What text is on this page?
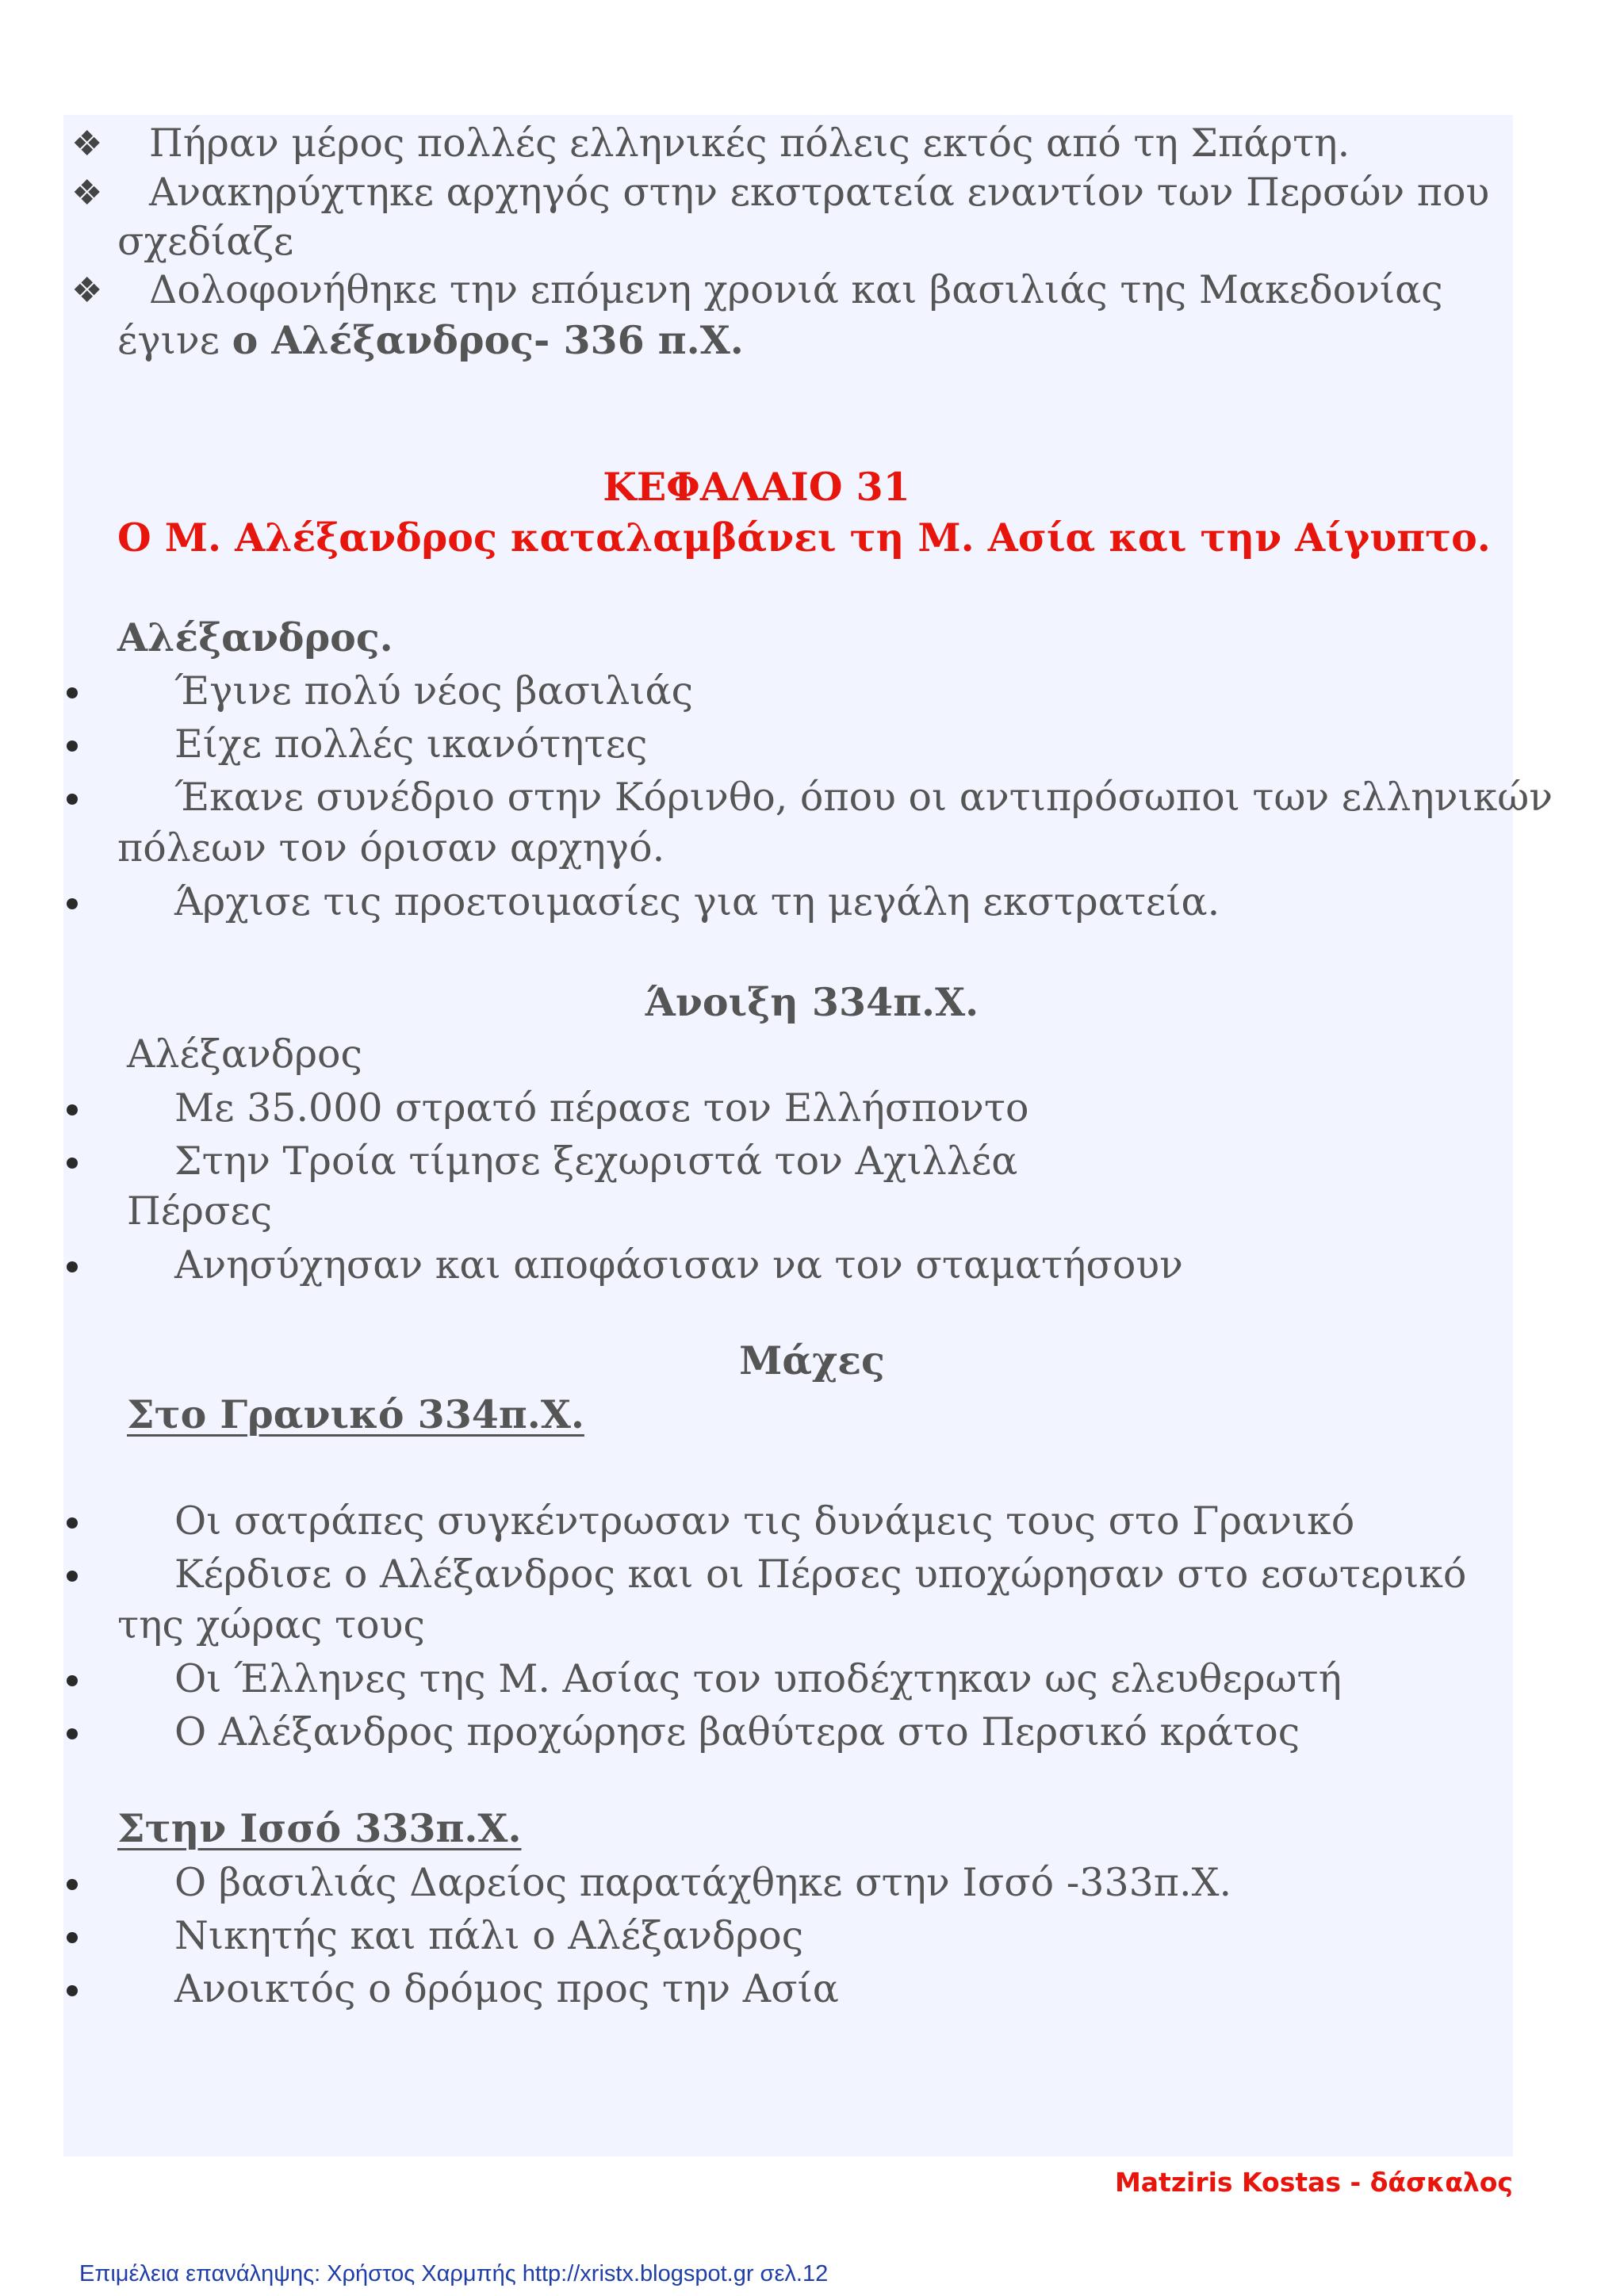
❖ Πήραν μέρος πολλές ελληνικές πόλεις εκτός από τη Σπάρτη.
❖ Ανακηρύχτηκε αρχηγός στην εκστρατεία εναντίον των Περσών που
σχεδίαζε
❖ Δολοφονήθηκε την επόμενη χρονιά και βασιλιάς της Μακεδονίας
έγινε ο Αλέξανδρος- 336 π.Χ.
ΚΕΦΑΛΑΙΟ 31
Ο Μ. Αλέξανδρος καταλαμβάνει τη Μ. Ασία και την Αίγυπτο.
Αλέξανδρος.
Έγινε πολύ νέος βασιλιάς
Είχε πολλές ικανότητες
Έκανε συνέδριο στην Κόρινθο, όπου οι αντιπρόσωποι των ελληνικών
πόλεων τον όρισαν αρχηγό.
Άρχισε τις προετοιμασίες για τη μεγάλη εκστρατεία.
Άνοιξη 334π.Χ.
Αλέξανδρος
Με 35.000 στρατό πέρασε τον Ελλήσποντο
Στην Τροία τίμησε ξεχωριστά τον Αχιλλέα
Πέρσες
Ανησύχησαν και αποφάσισαν να τον σταματήσουν
Μάχες
Στο Γρανικό 334π.Χ.
Οι σατράπες συγκέντρωσαν τις δυνάμεις τους στο Γρανικό
Κέρδισε ο Αλέξανδρος και οι Πέρσες υποχώρησαν στο εσωτερικό
της χώρας τους
Οι Έλληνες της Μ. Ασίας τον υποδέχτηκαν ως ελευθερωτή
Ο Αλέξανδρος προχώρησε βαθύτερα στο Περσικό κράτος
Στην Ισσό 333π.Χ.
Ο βασιλιάς Δαρείος παρατάχθηκε στην Ισσό -333π.Χ.
Νικητής και πάλι ο Αλέξανδρος
Ανοικτός ο δρόμος προς την Ασία
Matziris Kostas - δάσκαλος
Επιμέλεια επανάληψης: Χρήστος Χαρμπής http://xristx.blogspot.gr σελ.12
